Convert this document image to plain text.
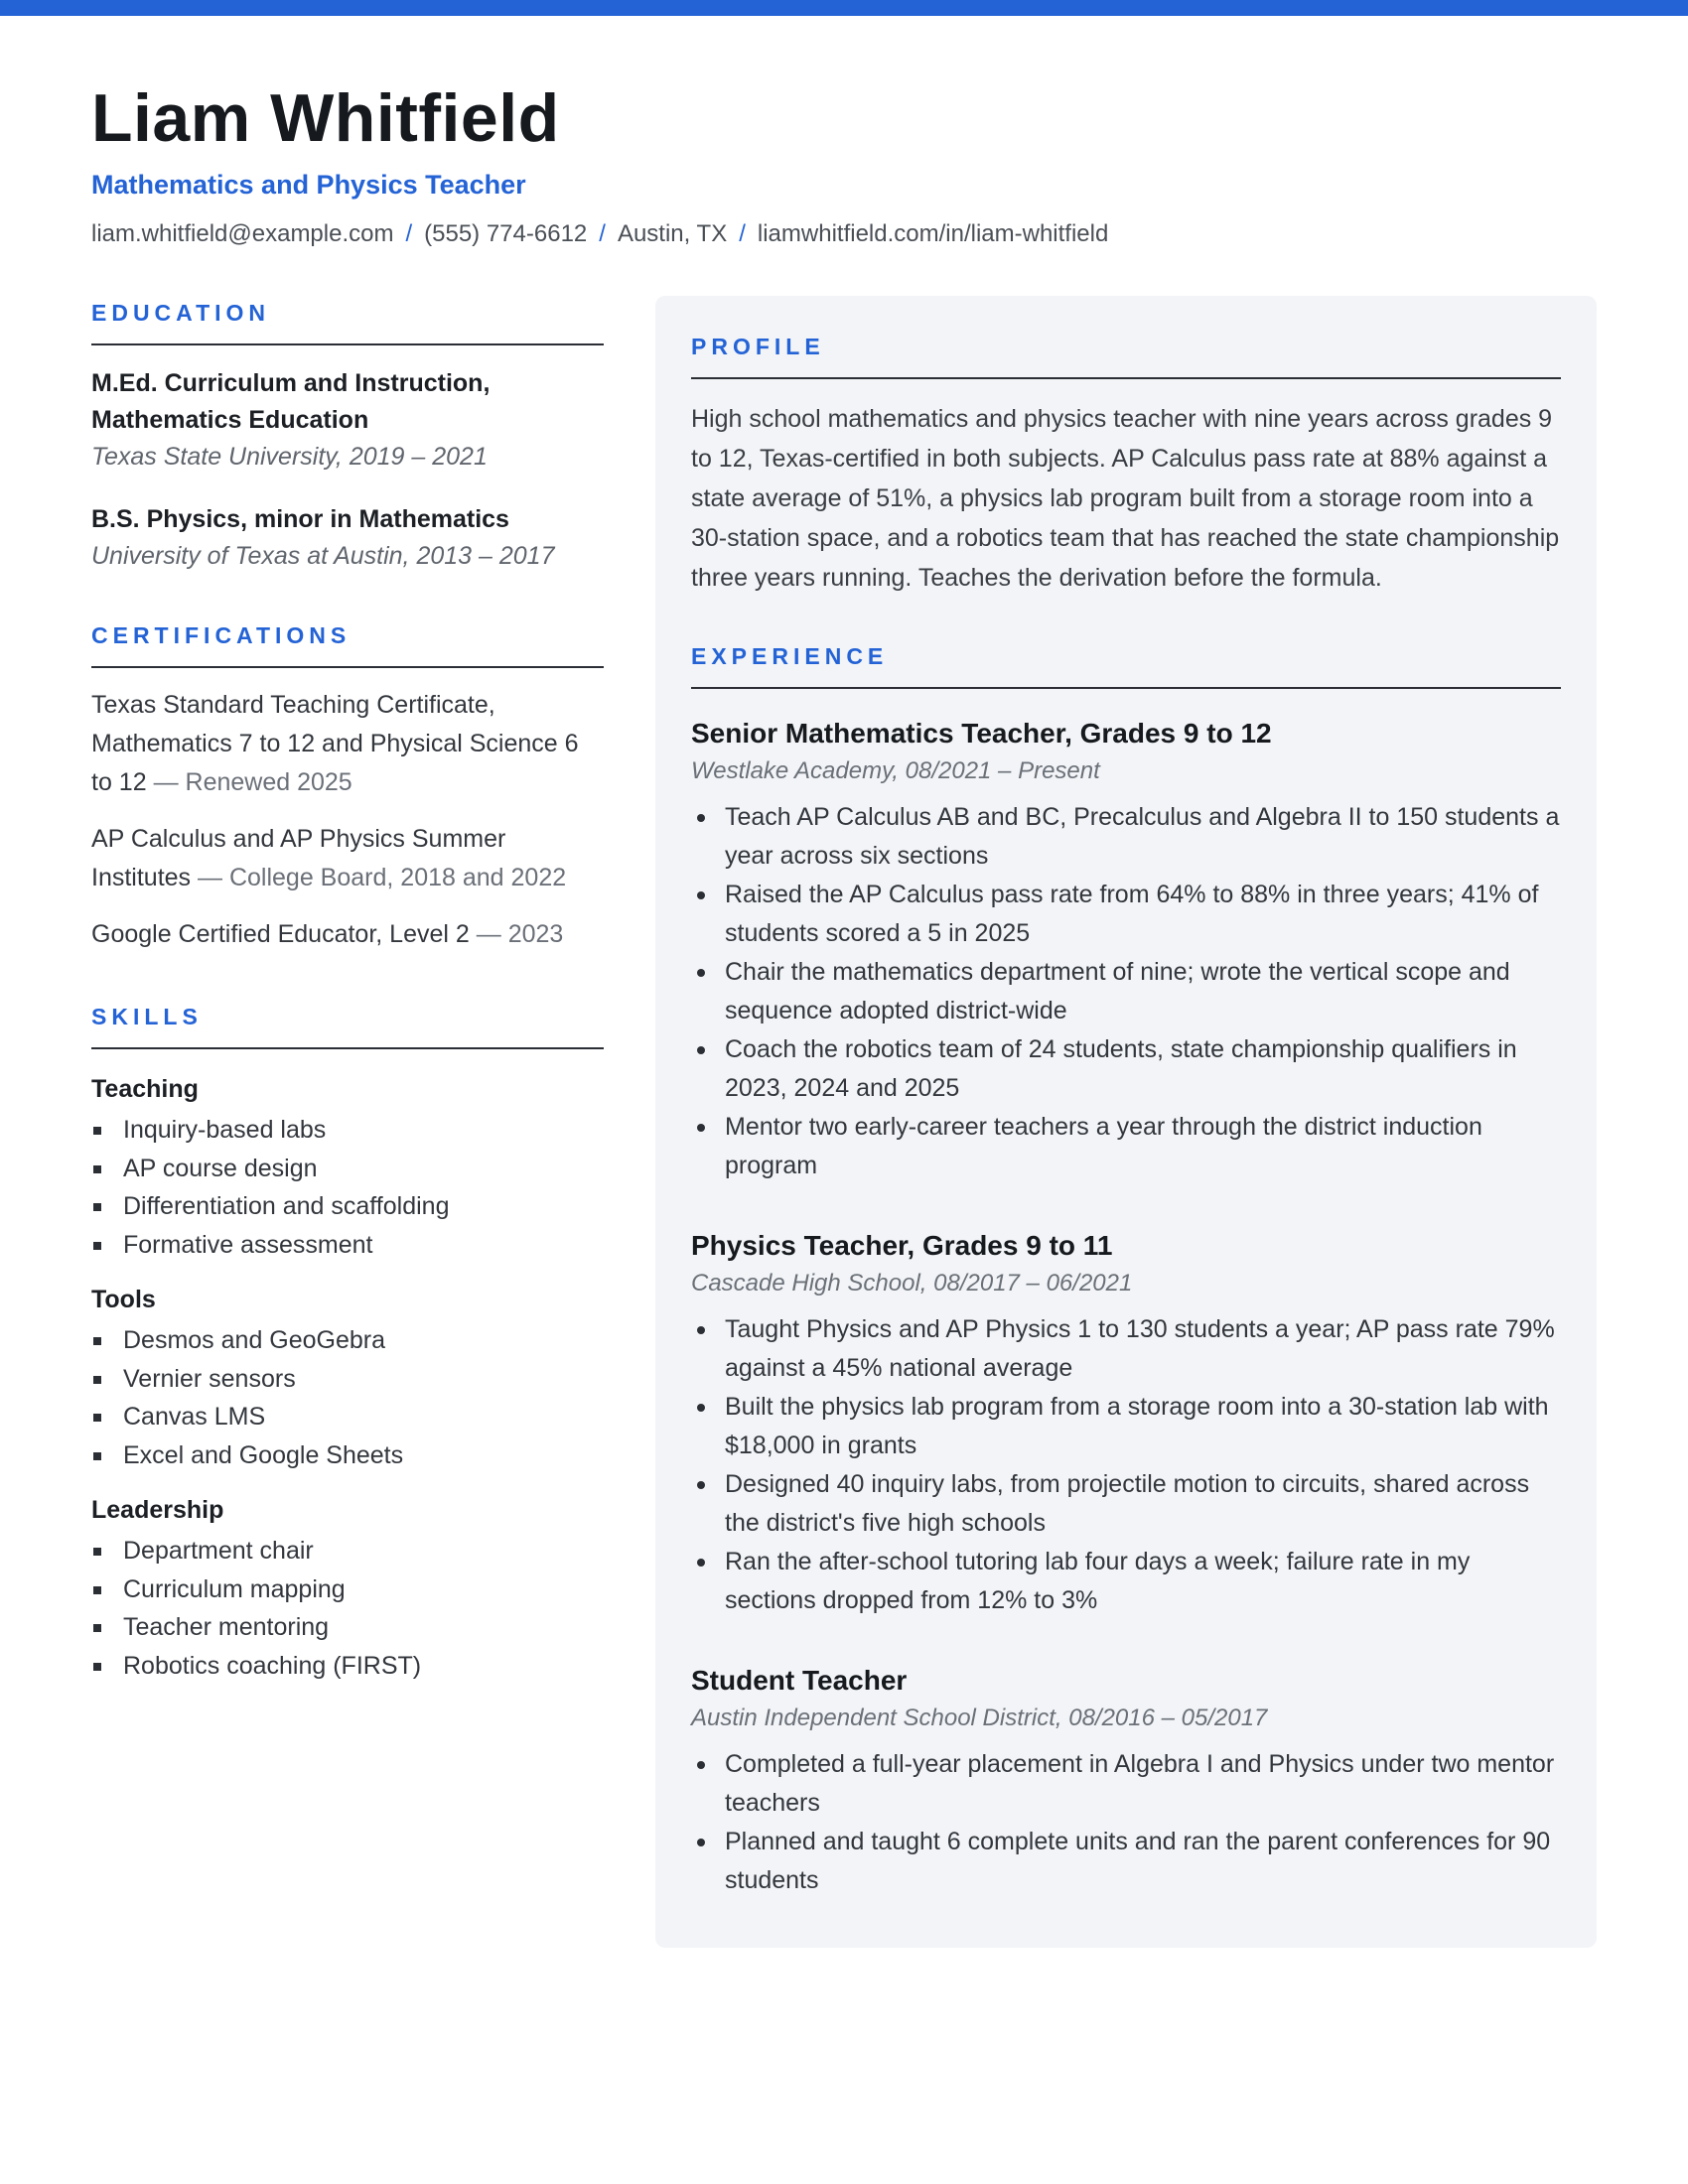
Liam Whitfield
Mathematics and Physics Teacher
liam.whitfield@example.com / (555) 774-6612 / Austin, TX / liamwhitfield.com/in/liam-whitfield
EDUCATION
M.Ed. Curriculum and Instruction, Mathematics Education
Texas State University, 2019 – 2021
B.S. Physics, minor in Mathematics
University of Texas at Austin, 2013 – 2017
CERTIFICATIONS
Texas Standard Teaching Certificate, Mathematics 7 to 12 and Physical Science 6 to 12 — Renewed 2025
AP Calculus and AP Physics Summer Institutes — College Board, 2018 and 2022
Google Certified Educator, Level 2 — 2023
SKILLS
Teaching
Inquiry-based labs
AP course design
Differentiation and scaffolding
Formative assessment
Tools
Desmos and GeoGebra
Vernier sensors
Canvas LMS
Excel and Google Sheets
Leadership
Department chair
Curriculum mapping
Teacher mentoring
Robotics coaching (FIRST)
PROFILE

High school mathematics and physics teacher with nine years across grades 9 to 12, Texas-certified in both subjects. AP Calculus pass rate at 88% against a state average of 51%, a physics lab program built from a storage room into a 30-station space, and a robotics team that has reached the state championship three years running. Teaches the derivation before the formula.

EXPERIENCE
Senior Mathematics Teacher, Grades 9 to 12
Westlake Academy, 08/2021 – Present
Teach AP Calculus AB and BC, Precalculus and Algebra II to 150 students a year across six sections
Raised the AP Calculus pass rate from 64% to 88% in three years; 41% of students scored a 5 in 2025
Chair the mathematics department of nine; wrote the vertical scope and sequence adopted district-wide
Coach the robotics team of 24 students, state championship qualifiers in 2023, 2024 and 2025
Mentor two early-career teachers a year through the district induction program
Physics Teacher, Grades 9 to 11
Cascade High School, 08/2017 – 06/2021
Taught Physics and AP Physics 1 to 130 students a year; AP pass rate 79% against a 45% national average
Built the physics lab program from a storage room into a 30-station lab with $18,000 in grants
Designed 40 inquiry labs, from projectile motion to circuits, shared across the district's five high schools
Ran the after-school tutoring lab four days a week; failure rate in my sections dropped from 12% to 3%
Student Teacher
Austin Independent School District, 08/2016 – 05/2017
Completed a full-year placement in Algebra I and Physics under two mentor teachers
Planned and taught 6 complete units and ran the parent conferences for 90 students
